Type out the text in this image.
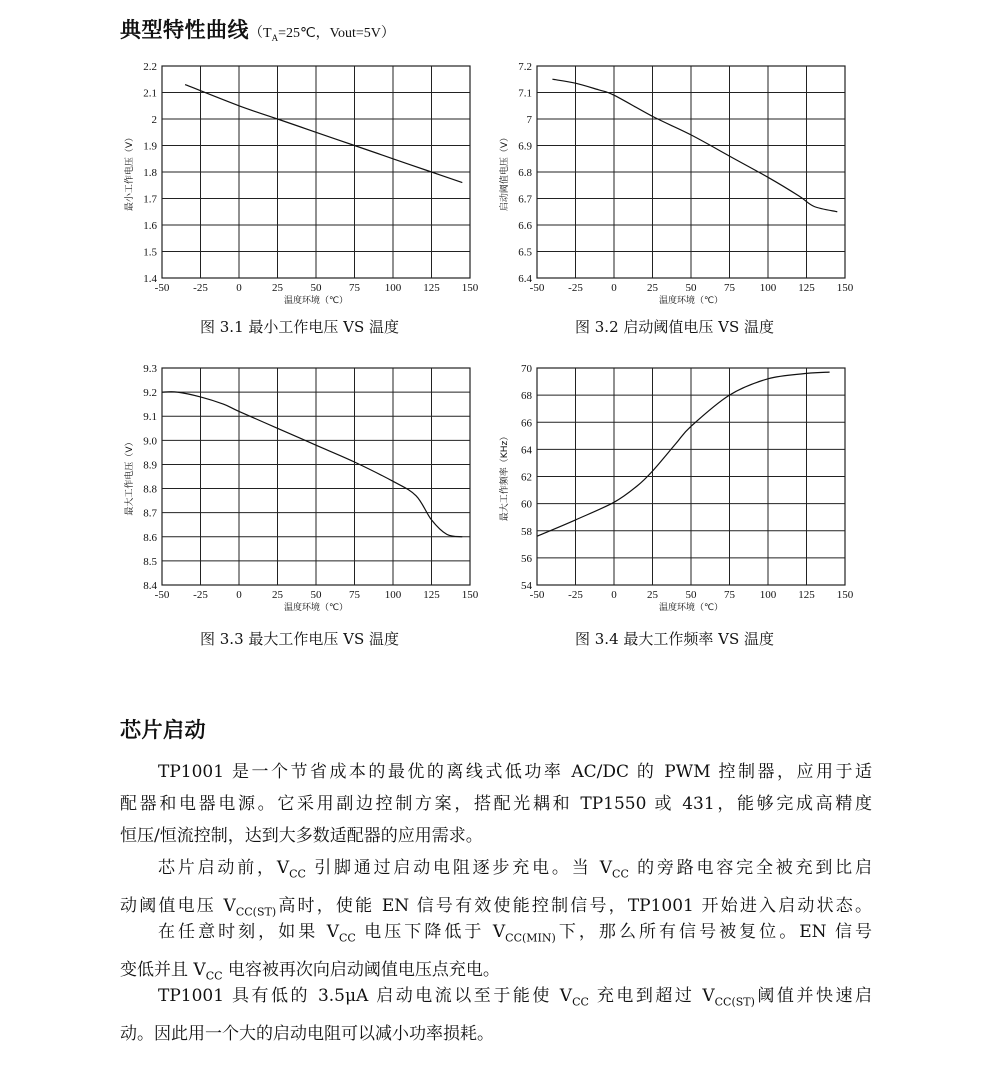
典型特性曲线（$T_A=25℃$，Vout=5V）
-50 -25	0	25	50	75 100 125 150
1.4
1.5
1.6
1.7
1.8
1.9
2
2.1
2.2
温度环境（℃）
最小工作电压（V）
图 3.1 最小工作电压 VS 温度
-50 -25	0	25	50	75 100 125 150
6.4
6.5
6.6
6.7
6.8
6.9
7
7.1
7.2
温度环境（℃）
启动阈值电压（V）
图 3.2 启动阈值电压 VS 温度
-50 -25	0	25	50	75 100 125 150
8.4
8.5
8.6
8.7
8.8
8.9
9.0
9.1
9.2
9.3
温度环境（℃）
最大工作电压（V）
图 3.3 最大工作电压 VS 温度
-50 -25	0	25	50	75 100 125 150
54
56
58
60
62
64
66
68
70
温度环境（℃）
最大工作频率（KHz）
图 3.4 最大工作频率 VS 温度
芯片启动
TP1001 是一个节省成本的最优的离线式低功率 AC/DC 的 PWM 控制器，应用于适
配器和电器电源。它采用副边控制方案，搭配光耦和 TP1550 或 431，能够完成高精度
恒压/恒流控制，达到大多数适配器的应用需求。
芯片启动前，$V_{CC}$ 引脚通过启动电阻逐步充电。当 $V_{CC}$ 的旁路电容完全被充到比启
动阈值电压 $V_{CC(ST)}$高时，使能 EN 信号有效使能控制信号，TP1001 开始进入启动状态。
在任意时刻，如果 $V_{CC}$ 电压下降低于 $V_{CC(MIN)}$下，那么所有信号被复位。EN 信号
变低并且 $V_{CC}$ 电容被再次向启动阈值电压点充电。
TP1001 具有低的 3.5μA 启动电流以至于能使 $V_{CC}$ 充电到超过 $V_{CC(ST)}$阈值并快速启
动。因此用一个大的启动电阻可以减小功率损耗。
